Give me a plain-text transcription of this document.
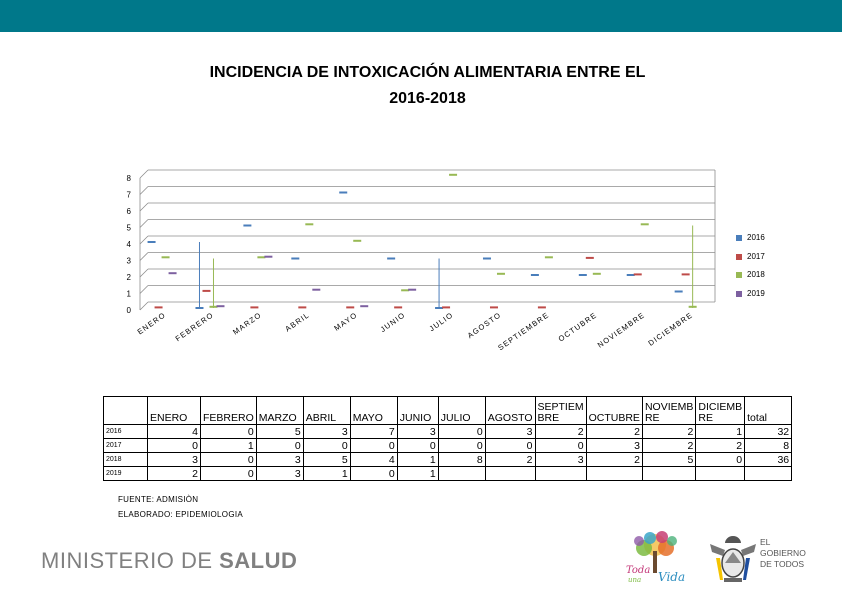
INCIDENCIA DE INTOXICACIÓN ALIMENTARIA ENTRE EL
2016-2018
0
1
2
3
4
5
6
7
8
ENERO FEBRERO MARZO	ABRIL	MAYO	JUNIO	JULIO AGOSTO
SEPTIEMBRE OCTUBRE
NOVIEMBRE DICIEMBRE
2016
2017
2018
2019
	ENERO	FEBRERO	MARZO	ABRIL	MAYO	JUNIO	JULIO	AGOSTO	SEPTIEM BRE	OCTUBRE	NOVIEMB RE	DICIEMB RE	total
2016	4	0	5	3	7	3	0	3	2	2	2	1	32
2017	0	1	0	0	0	0	0	0	0	3	2	2	8
2018	3	0	3	5	4	1	8	2	3	2	5	0	36
2019	2	0	3	1	0	1							
FUENTE: ADMISIÒN
ELABORADO: EPIDEMIOLOGIA
MINISTERIO DE SALUD	Toda
una Vida
EL
GOBIERNO
DE TODOS
